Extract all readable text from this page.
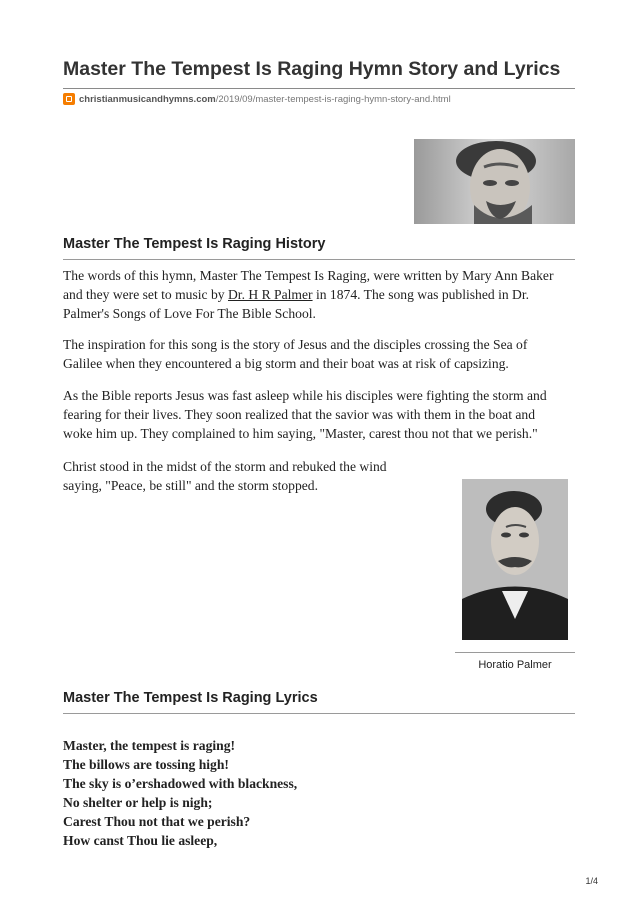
Master The Tempest Is Raging Hymn Story and Lyrics
christianmusicandhymns.com /2019/09/master-tempest-is-raging-hymn-story-and.html
Master The Tempest Is Raging History

The words of this hymn, Master The Tempest Is Raging, were written by Mary Ann Baker
and they were set to music by Dr. H R Palmer in 1874. The song was published in Dr.
Palmer's Songs of Love For The Bible School.

The inspiration for this song is the story of Jesus and the disciples crossing the Sea of
Galilee when they encountered a big storm and their boat was at risk of capsizing.

As the Bible reports Jesus was fast asleep while his disciples were fighting the storm and
fearing for their lives. They soon realized that the savior was with them in the boat and
woke him up. They complained to him saying, "Master, carest thou not that we perish."

Christ stood in the midst of the storm and rebuked the wind
saying, "Peace, be still" and the storm stopped.

Horatio Palmer
Master The Tempest Is Raging Lyrics
Master, the tempest is raging!
The billows are tossing high!
The sky is o’ershadowed with blackness,
No shelter or help is nigh;
Carest Thou not that we perish?
How canst Thou lie asleep,
1/4
